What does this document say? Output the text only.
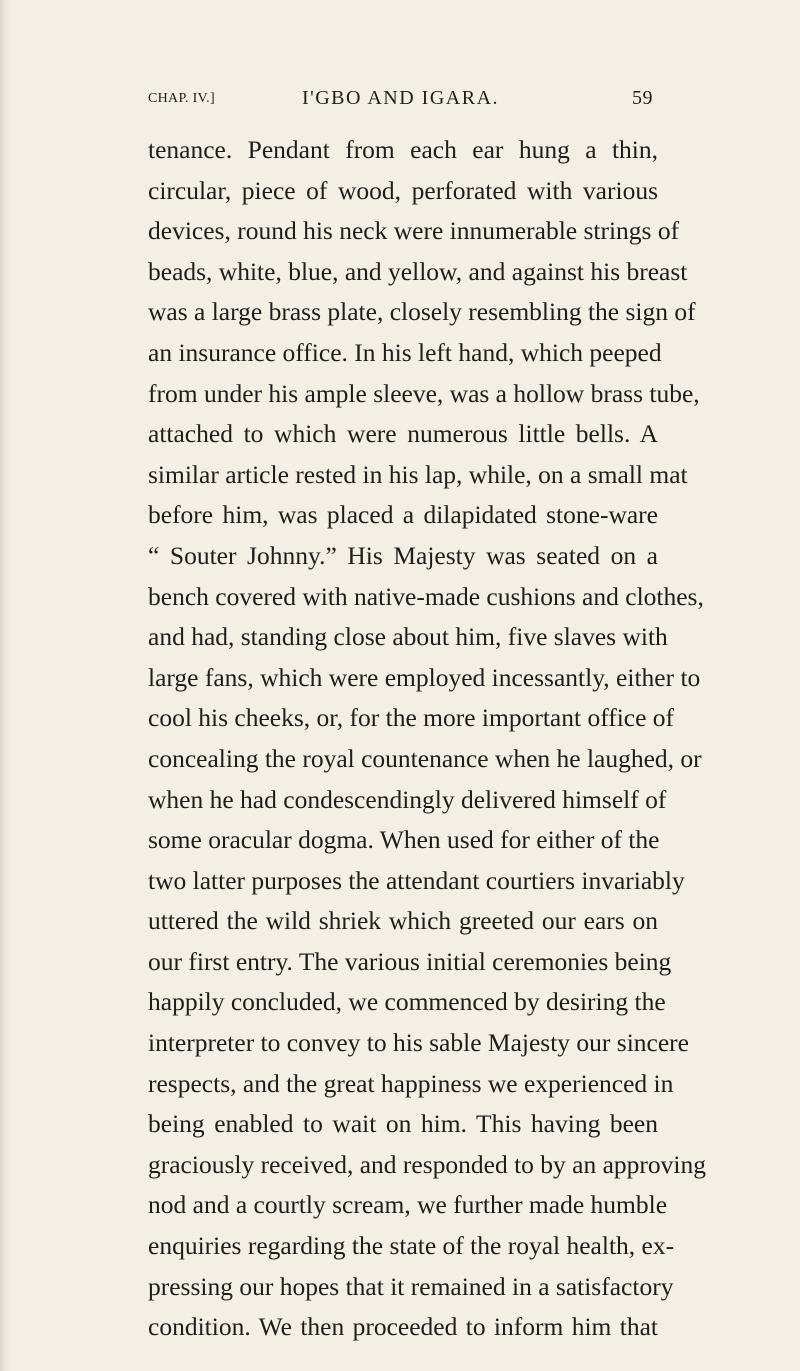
CHAP. IV.]	I'GBO AND IGARA.	59
tenance. Pendant from each ear hung a thin,
circular, piece of wood, perforated with various
devices, round his neck were innumerable strings of
beads, white, blue, and yellow, and against his breast
was a large brass plate, closely resembling the sign of
an insurance office. In his left hand, which peeped
from under his ample sleeve, was a hollow brass tube,
attached to which were numerous little bells. A
similar article rested in his lap, while, on a small mat
before him, was placed a dilapidated stone-ware
“ Souter Johnny.” His Majesty was seated on a
bench covered with native-made cushions and clothes,
and had, standing close about him, five slaves with
large fans, which were employed incessantly, either to
cool his cheeks, or, for the more important office of
concealing the royal countenance when he laughed, or
when he had condescendingly delivered himself of
some oracular dogma. When used for either of the
two latter purposes the attendant courtiers invariably
uttered the wild shriek which greeted our ears on
our first entry. The various initial ceremonies being
happily concluded, we commenced by desiring the
interpreter to convey to his sable Majesty our sincere
respects, and the great happiness we experienced in
being enabled to wait on him. This having been
graciously received, and responded to by an approving
nod and a courtly scream, we further made humble
enquiries regarding the state of the royal health, ex-
pressing our hopes that it remained in a satisfactory
condition. We then proceeded to inform him that
